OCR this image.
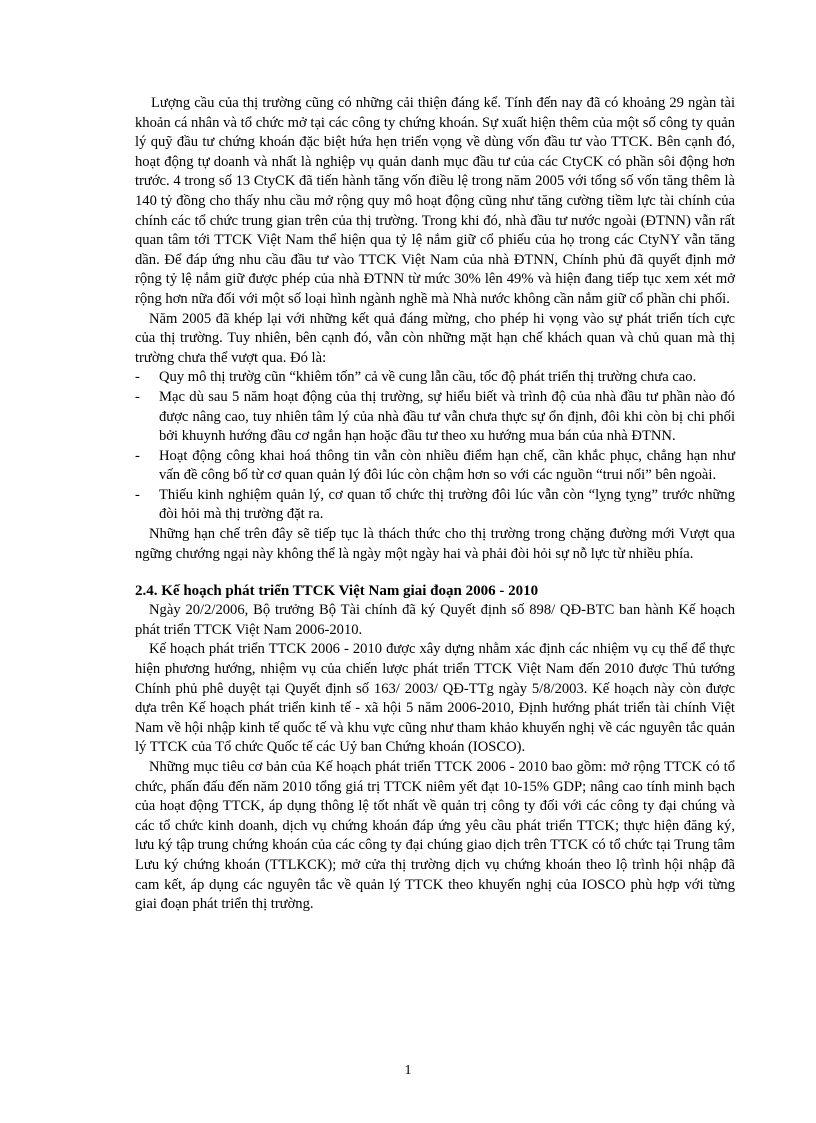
Lượng cầu của thị trường cũng có những cải thiện đáng kể. Tính đến nay đã có khoảng 29 ngàn tài khoản cá nhân và tổ chức mở tại các công ty chứng khoán. Sự xuất hiện thêm của một số công ty quản lý quỹ đầu tư chứng khoán đặc biệt hứa hẹn triển vọng về dùng vốn đầu tư vào TTCK. Bên cạnh đó, hoạt động tự doanh và nhất là nghiệp vụ quản danh mục đầu tư của các CtyCK có phần sôi động hơn trước. 4 trong số 13 CtyCK đã tiến hành tăng vốn điều lệ trong năm 2005 với tổng số vốn tăng thêm là 140 tỷ đồng cho thấy nhu cầu mở rộng quy mô hoạt động cũng như tăng cường tiềm lực tài chính của chính các tổ chức trung gian trên của thị trường. Trong khi đó, nhà đầu tư nước ngoài (ĐTNN) vẫn rất quan tâm tới TTCK Việt Nam thể hiện qua tỷ lệ nắm giữ cổ phiếu của họ trong các CtyNY vẫn tăng dần. Để đáp ứng nhu cầu đầu tư vào TTCK Việt Nam của nhà ĐTNN, Chính phủ đã quyết định mở rộng tỷ lệ nắm giữ được phép của nhà ĐTNN từ mức 30% lên 49% và hiện đang tiếp tục xem xét mở rộng hơn nữa đối với một số loại hình ngành nghề mà Nhà nước không cần nắm giữ cổ phần chi phối.

Năm 2005 đã khép lại với những kết quả đáng mừng, cho phép hi vọng vào sự phát triển tích cực của thị trường. Tuy nhiên, bên cạnh đó, vẫn còn những mặt hạn chế khách quan và chủ quan mà thị trường chưa thể vượt qua. Đó là:

- Quy mô thị trườg cũn “khiêm tốn” cả về cung lẫn cầu, tốc độ phát triển thị trường chưa cao.
- Mạc dù sau 5 năm hoạt động của thị trường, sự hiểu biết và trình độ của nhà đầu tư phần nào đó được nâng cao, tuy nhiên tâm lý của nhà đầu tư vẫn chưa thực sự ổn định, đôi khi còn bị chi phối bởi khuynh hướng đầu cơ ngắn hạn hoặc đầu tư theo xu hướng mua bán của nhà ĐTNN.
- Hoạt động công khai hoá thông tin vẫn còn nhiều điểm hạn chế, cần khắc phục, chẳng hạn như vấn đề công bố từ cơ quan quản lý đôi lúc còn chậm hơn so với các nguồn “trui nổi” bên ngoài.
- Thiếu kinh nghiệm quản lý, cơ quan tổ chức thị trường đôi lúc vẫn còn “lỵng tỵng” trước những đòi hỏi mà thị trường đặt ra.

Những hạn chế trên đây sẽ tiếp tục là thách thức cho thị trường trong chặng đường mới Vượt qua ngững chướng ngại này không thể là ngày một ngày hai và phải đòi hỏi sự nỗ lực từ nhiều phía.

2.4. Kế hoạch phát triển TTCK Việt Nam giai đoạn 2006 - 2010

Ngày 20/2/2006, Bộ trưởng Bộ Tài chính đã ký Quyết định số 898/ QĐ-BTC ban hành Kế hoạch phát triển TTCK Việt Nam 2006-2010.

Kế hoạch phát triển TTCK 2006 - 2010 được xây dựng nhằm xác định các nhiệm vụ cụ thể để thực hiện phương hướng, nhiệm vụ của chiến lược phát triển TTCK Việt Nam đến 2010 được Thủ tướng Chính phủ phê duyệt tại Quyết định số 163/ 2003/ QĐ-TTg ngày 5/8/2003. Kế hoạch này còn được dựa trên Kế hoạch phát triển kinh tế - xã hội 5 năm 2006-2010, Định hướng phát triển tài chính Việt Nam về hội nhập kinh tế quốc tế và khu vực cũng như tham khảo khuyến nghị về các nguyên tắc quản lý TTCK của Tổ chức Quốc tế các Uỷ ban Chứng khoán (IOSCO).

Những mục tiêu cơ bản của Kế hoạch phát triển TTCK 2006 - 2010 bao gồm: mở rộng TTCK có tổ chức, phấn đấu đến năm 2010 tổng giá trị TTCK niêm yết đạt 10-15% GDP; nâng cao tính minh bạch của hoạt động TTCK, áp dụng thông lệ tốt nhất về quản trị công ty đối với các công ty đại chúng và các tổ chức kinh doanh, dịch vụ chứng khoán đáp ứng yêu cầu phát triển TTCK; thực hiện đăng ký, lưu ký tập trung chứng khoán của các công ty đại chúng giao dịch trên TTCK có tổ chức tại Trung tâm Lưu ký chứng khoán (TTLKCK); mở cửa thị trường dịch vụ chứng khoán theo lộ trình hội nhập đã cam kết, áp dụng các nguyên tắc về quản lý TTCK theo khuyến nghị của IOSCO phù hợp với từng giai đoạn phát triển thị trường.

1
